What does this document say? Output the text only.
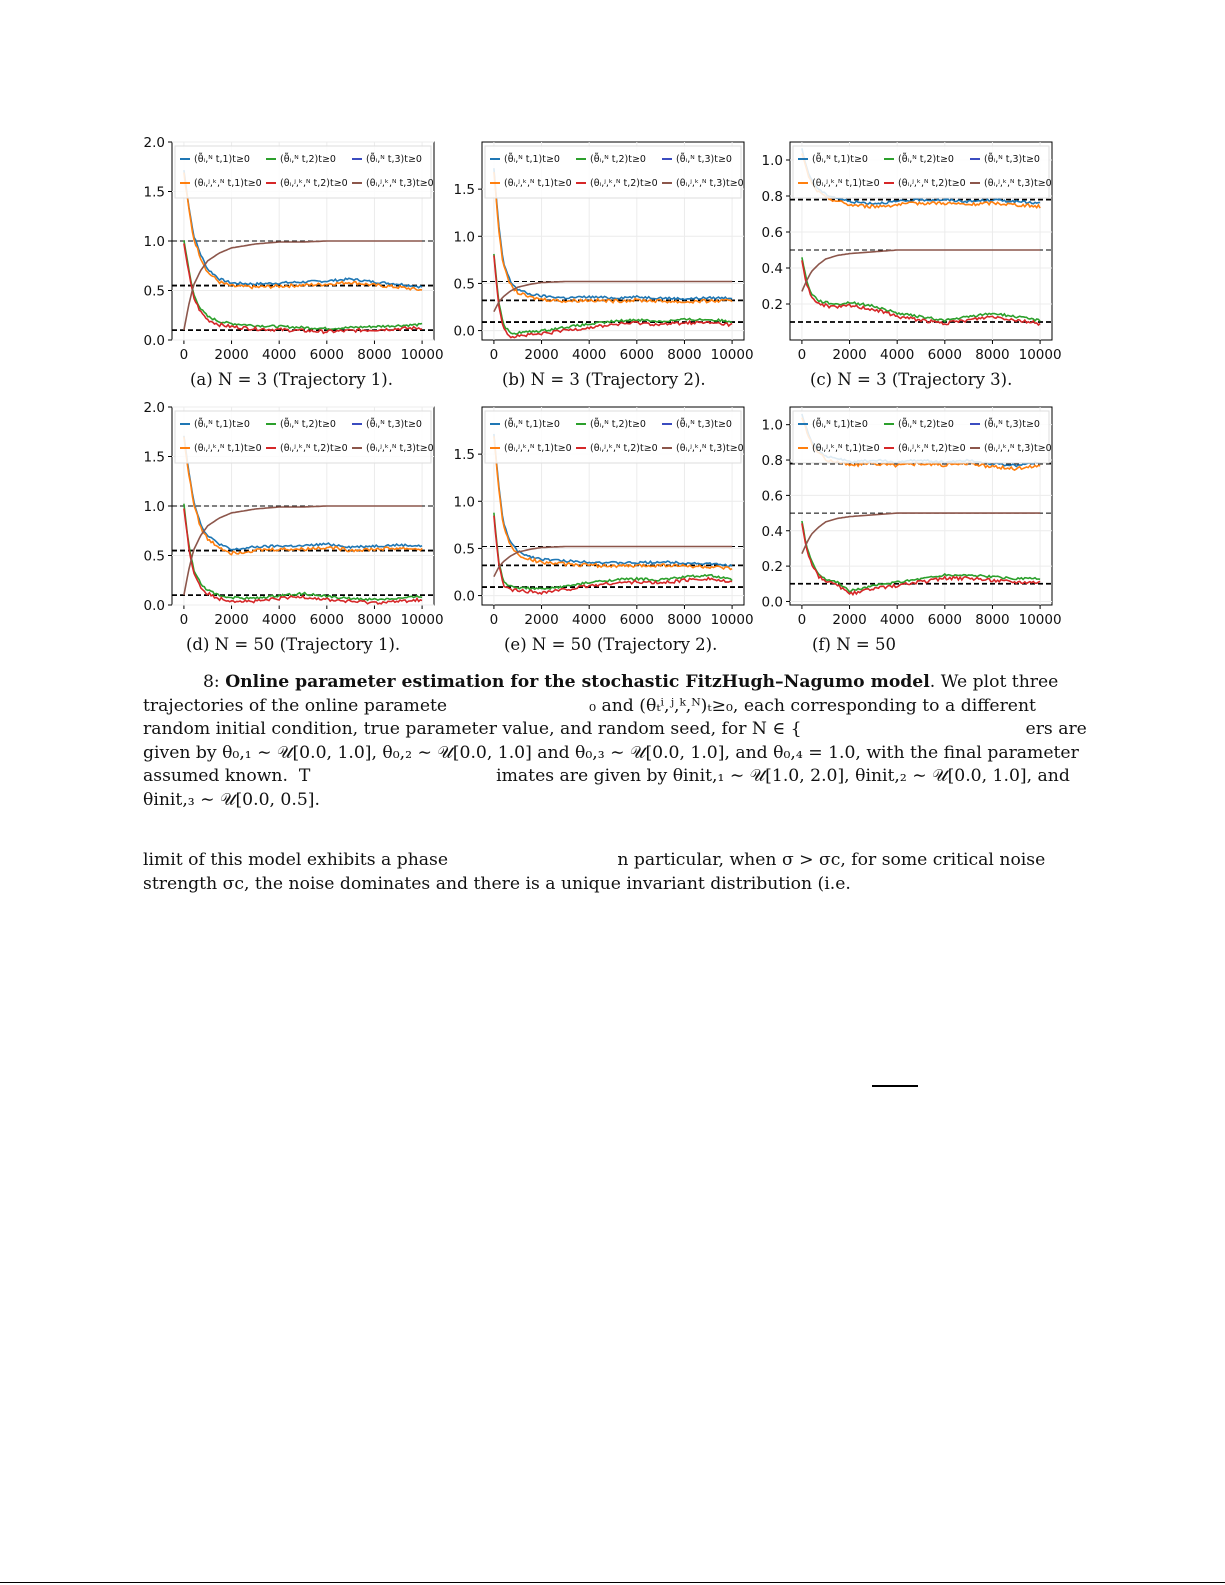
0 2000 4000 6000 8000 10000
0.0
0.5
1.0
1.5
2.0
(θ̃ᵢ,ᴺ t,1)t≥0	(θ̃ᵢ,ᴺ t,2)t≥0	(θ̃ᵢ,ᴺ t,3)t≥0
(θᵢ,ʲ,ᵏ,ᴺ t,1)t≥0 (θᵢ,ʲ,ᵏ,ᴺ t,2)t≥0 (θᵢ,ʲ,ᵏ,ᴺ t,3)t≥0
(a) N = 3 (Trajectory 1).
0 2000 4000 6000 8000 10000
0.0
0.5
1.0
1.5
(θ̃ᵢ,ᴺ t,1)t≥0	(θ̃ᵢ,ᴺ t,2)t≥0	(θ̃ᵢ,ᴺ t,3)t≥0
(θᵢ,ʲ,ᵏ,ᴺ t,1)t≥0 (θᵢ,ʲ,ᵏ,ᴺ t,2)t≥0 (θᵢ,ʲ,ᵏ,ᴺ t,3)t≥0
(b) N = 3 (Trajectory 2).
0 2000 4000 6000 8000 10000
0.2
0.4
0.6
0.8
1.0	(θ̃ᵢ,ᴺ t,1)t≥0	(θ̃ᵢ,ᴺ t,2)t≥0	(θ̃ᵢ,ᴺ t,3)t≥0
(θᵢ,ʲ,ᵏ,ᴺ t,1)t≥0 (θᵢ,ʲ,ᵏ,ᴺ t,2)t≥0 (θᵢ,ʲ,ᵏ,ᴺ t,3)t≥0
(c) N = 3 (Trajectory 3).
0 2000 4000 6000 8000 10000
0.0
0.5
1.0
1.5
2.0
(θ̃ᵢ,ᴺ t,1)t≥0	(θ̃ᵢ,ᴺ t,2)t≥0	(θ̃ᵢ,ᴺ t,3)t≥0
(θᵢ,ʲ,ᵏ,ᴺ t,1)t≥0 (θᵢ,ʲ,ᵏ,ᴺ t,2)t≥0 (θᵢ,ʲ,ᵏ,ᴺ t,3)t≥0
(d) N = 50 (Trajectory 1).
0 2000 4000 6000 8000 10000
0.0
0.5
1.0
1.5
(θ̃ᵢ,ᴺ t,1)t≥0	(θ̃ᵢ,ᴺ t,2)t≥0	(θ̃ᵢ,ᴺ t,3)t≥0
(θᵢ,ʲ,ᵏ,ᴺ t,1)t≥0 (θᵢ,ʲ,ᵏ,ᴺ t,2)t≥0 (θᵢ,ʲ,ᵏ,ᴺ t,3)t≥0
(e) N = 50 (Trajectory 2).
0 2000 4000 6000 8000 10000
0.0
0.2
0.4
0.6
0.8
1.0	(θ̃ᵢ,ᴺ t,1)t≥0	(θ̃ᵢ,ᴺ t,2)t≥0	(θ̃ᵢ,ᴺ t,3)t≥0
(θᵢ,ʲ,ᵏ,ᴺ t,1)t≥0 (θᵢ,ʲ,ᵏ,ᴺ t,2)t≥0 (θᵢ,ʲ,ᵏ,ᴺ t,3)t≥0
(f) N = 50
8: Online parameter estimation for the stochastic FitzHugh–Nagumo model. We plot three
trajectories of the online paramete                          ₀ and (θₜⁱ,ʲ,ᵏ,ᴺ)ₜ≥₀, each corresponding to a different
random initial condition, true parameter value, and random seed, for N ∈ {                                         ers are
given by θ₀,₁ ∼ 𝒰[0.0, 1.0], θ₀,₂ ∼ 𝒰[0.0, 1.0] and θ₀,₃ ∼ 𝒰[0.0, 1.0], and θ₀,₄ = 1.0, with the final parameter
assumed known.  T                                  imates are given by θinit,₁ ∼ 𝒰[1.0, 2.0], θinit,₂ ∼ 𝒰[0.0, 1.0], and
θinit,₃ ∼ 𝒰[0.0, 0.5].
limit of this model exhibits a phase                               n particular, when σ > σc, for some critical noise
strength σc, the noise dominates and there is a unique invariant distribution (i.e.
